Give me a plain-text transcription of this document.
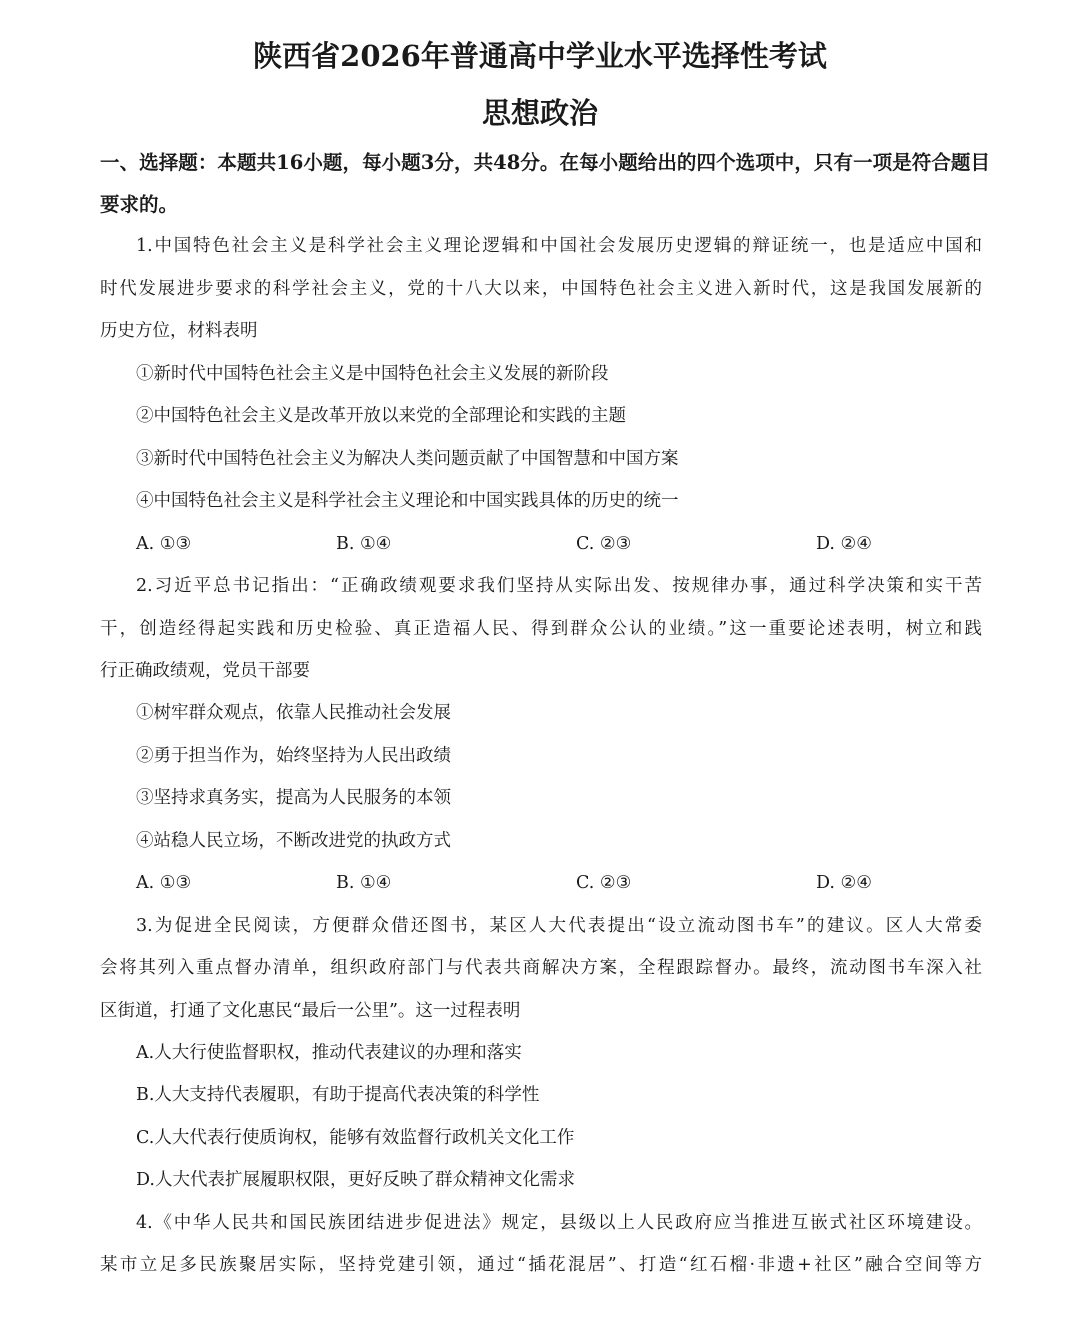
陕西省2026年普通高中学业水平选择性考试
思想政治
一、选择题：本题共16小题，每小题3分，共48分。在每小题给出的四个选项中，只有一项是符合题目要求的。
1.中国特色社会主义是科学社会主义理论逻辑和中国社会发展历史逻辑的辩证统一，也是适应中国和
时代发展进步要求的科学社会主义，党的十八大以来，中国特色社会主义进入新时代，这是我国发展新的
历史方位，材料表明
①新时代中国特色社会主义是中国特色社会主义发展的新阶段
②中国特色社会主义是改革开放以来党的全部理论和实践的主题
③新时代中国特色社会主义为解决人类问题贡献了中国智慧和中国方案
④中国特色社会主义是科学社会主义理论和中国实践具体的历史的统一
A. ①③	B. ①④	C. ②③	D. ②④
2.习近平总书记指出：“正确政绩观要求我们坚持从实际出发、按规律办事，通过科学决策和实干苦
干，创造经得起实践和历史检验、真正造福人民、得到群众公认的业绩。”这一重要论述表明，树立和践
行正确政绩观，党员干部要
①树牢群众观点，依靠人民推动社会发展
②勇于担当作为，始终坚持为人民出政绩
③坚持求真务实，提高为人民服务的本领
④站稳人民立场，不断改进党的执政方式
A. ①③	B. ①④	C. ②③	D. ②④
3.为促进全民阅读，方便群众借还图书，某区人大代表提出“设立流动图书车”的建议。区人大常委
会将其列入重点督办清单，组织政府部门与代表共商解决方案，全程跟踪督办。最终，流动图书车深入社
区街道，打通了文化惠民“最后一公里”。这一过程表明
A.人大行使监督职权，推动代表建议的办理和落实
B.人大支持代表履职，有助于提高代表决策的科学性
C.人大代表行使质询权，能够有效监督行政机关文化工作
D.人大代表扩展履职权限，更好反映了群众精神文化需求
4.《中华人民共和国民族团结进步促进法》规定，县级以上人民政府应当推进互嵌式社区环境建设。
某市立足多民族聚居实际，坚持党建引领，通过“插花混居”、打造“红石榴·非遗+社区”融合空间等方
